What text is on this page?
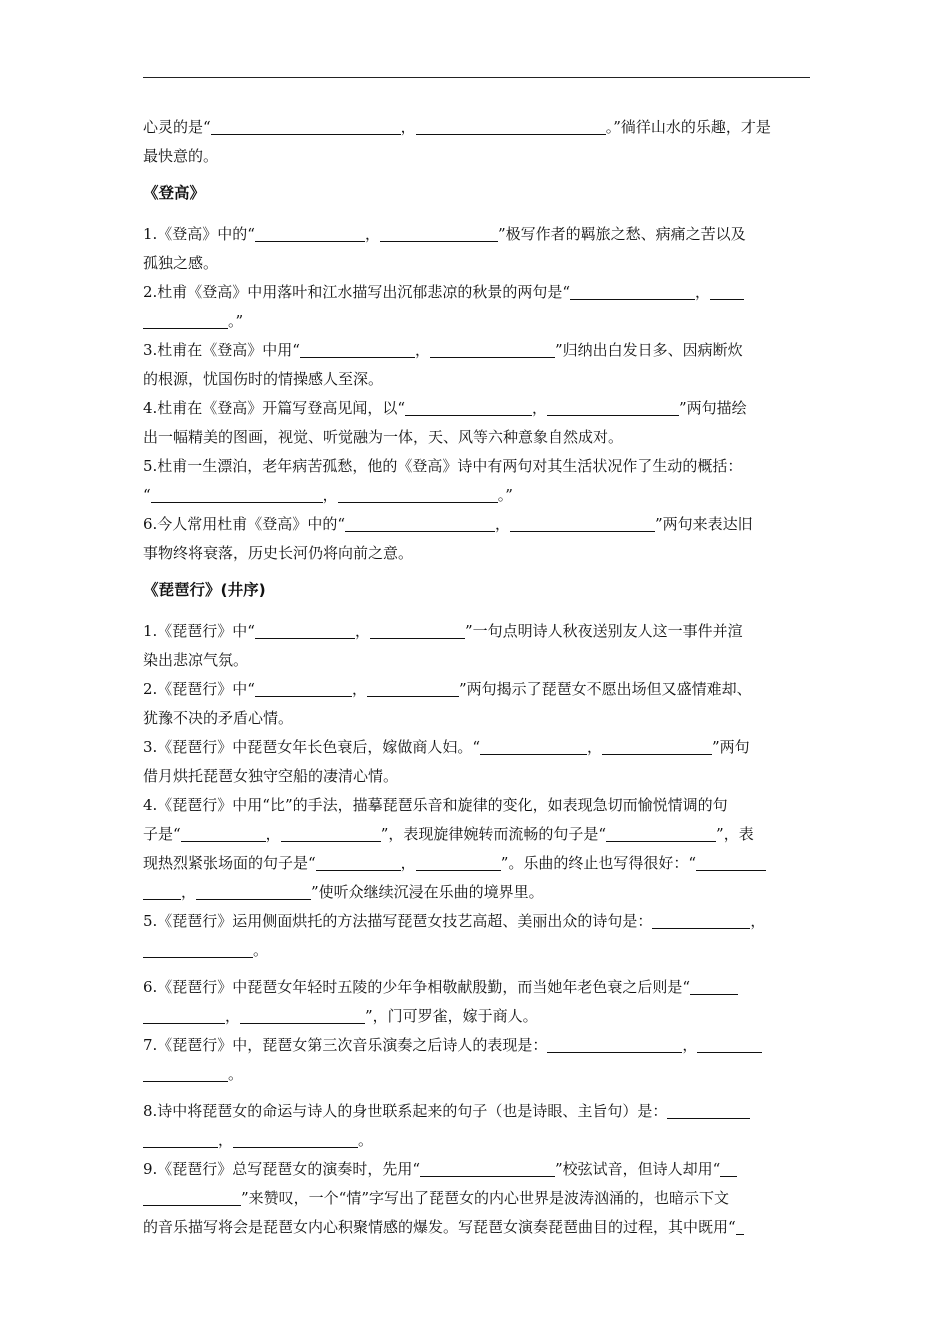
心灵的是“	，	。”徜徉山水的乐趣，才是
最快意的。
《登高》
1.《登高》中的“	，	”极写作者的羁旅之愁、病痛之苦以及
孤独之感。
2.杜甫《登高》中用落叶和江水描写出沉郁悲凉的秋景的两句是“	，
。”
3.杜甫在《登高》中用“	，	”归纳出白发日多、因病断炊
的根源，忧国伤时的情操感人至深。
4.杜甫在《登高》开篇写登高见闻，以“	，	”两句描绘
出一幅精美的图画，视觉、听觉融为一体，天、风等六种意象自然成对。
5.杜甫一生漂泊，老年病苦孤愁，他的《登高》诗中有两句对其生活状况作了生动的概括：
“	，	。”
6.今人常用杜甫《登高》中的“	，	”两句来表达旧
事物终将衰落，历史长河仍将向前之意。
《琵琶行》(井序)
1.《琵琶行》中“	，	”一句点明诗人秋夜送别友人这一事件并渲
染出悲凉气氛。
2.《琵琶行》中“	，	”两句揭示了琵琶女不愿出场但又盛情难却、
犹豫不决的矛盾心情。
3.《琵琶行》中琵琶女年长色衰后，嫁做商人妇。“	，	”两句
借月烘托琵琶女独守空船的凄清心情。
4.《琵琶行》中用“比”的手法，描摹琵琶乐音和旋律的变化，如表现急切而愉悦情调的句
子是“	，	”，表现旋律婉转而流畅的句子是“	”，表
现热烈紧张场面的句子是“	，	”。乐曲的终止也写得很好：“
，	”使听众继续沉浸在乐曲的境界里。
5.《琵琶行》运用侧面烘托的方法描写琵琶女技艺高超、美丽出众的诗句是：	，
。
6.《琵琶行》中琵琶女年轻时五陵的少年争相敬献殷勤，而当她年老色衰之后则是“
，	”，门可罗雀，嫁于商人。
7.《琵琶行》中，琵琶女第三次音乐演奏之后诗人的表现是：	，
。
8.诗中将琵琶女的命运与诗人的身世联系起来的句子（也是诗眼、主旨句）是：
，	。
9.《琵琶行》总写琵琶女的演奏时，先用“	”校弦试音，但诗人却用“
”来赞叹，一个“情”字写出了琵琶女的内心世界是波涛汹涌的，也暗示下文
的音乐描写将会是琵琶女内心积聚情感的爆发。写琵琶女演奏琵琶曲目的过程，其中既用“
